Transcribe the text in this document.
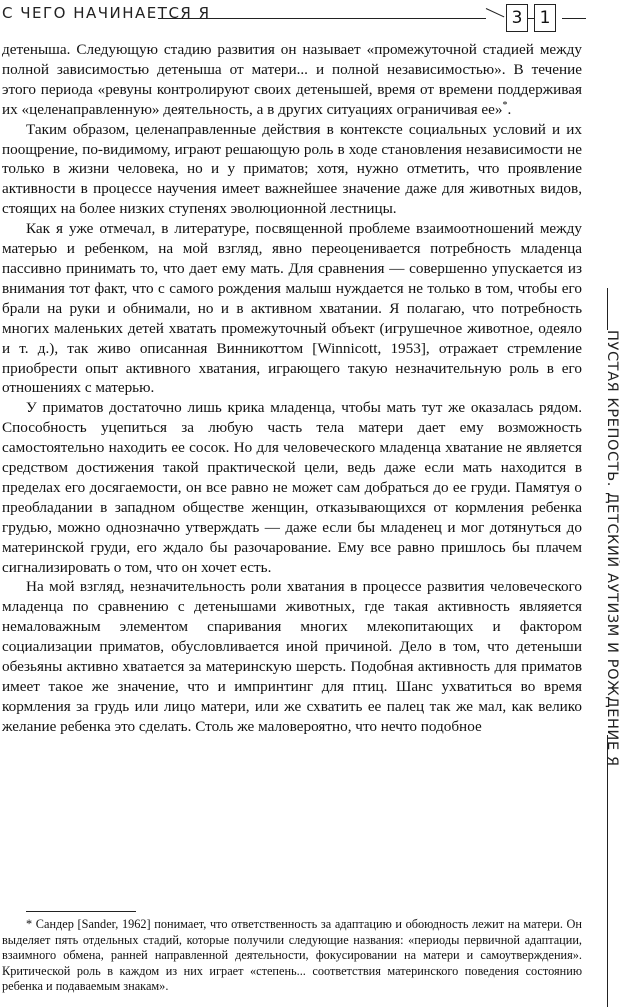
С ЧЕГО НАЧИНАЕТСЯ Я	3	1

детеныша. Следующую стадию развития он называет «промежуточной стадией между полной зависимостью детеныша от матери... и полной независимостью». В течение этого периода «ревуны контролируют своих детенышей, время от времени поддерживая их «целенаправленную» деятельность, а в других ситуациях ограничивая ее»*.

Таким образом, целенаправленные действия в контексте социальных условий и их поощрение, по-видимому, играют решающую роль в ходе становления независимости не только в жизни человека, но и у приматов; хотя, нужно отметить, что проявление активности в процессе научения имеет важнейшее значение даже для животных видов, стоящих на более низких ступенях эволюционной лестницы.

Как я уже отмечал, в литературе, посвященной проблеме взаимоотношений между матерью и ребенком, на мой взгляд, явно переоценивается потребность младенца пассивно принимать то, что дает ему мать. Для сравнения — совершенно упускается из внимания тот факт, что с самого рождения малыш нуждается не только в том, чтобы его брали на руки и обнимали, но и в активном хватании. Я полагаю, что потребность многих маленьких детей хватать промежуточный объект (игрушечное животное, одеяло и т. д.), так живо описанная Винникоттом [Winnicott, 1953], отражает стремление приобрести опыт активного хватания, играющего такую незначительную роль в его отношениях с матерью.

У приматов достаточно лишь крика младенца, чтобы мать тут же оказалась рядом. Способность уцепиться за любую часть тела матери дает ему возможность самостоятельно находить ее сосок. Но для человеческого младенца хватание не является средством достижения такой практической цели, ведь даже если мать находится в пределах его досягаемости, он все равно не может сам добраться до ее груди. Памятуя о преобладании в западном обществе женщин, отказывающихся от кормления ребенка грудью, можно однозначно утверждать — даже если бы младенец и мог дотянуться до материнской груди, его ждало бы разочарование. Ему все равно пришлось бы плачем сигнализировать о том, что он хочет есть.

На мой взгляд, незначительность роли хватания в процессе развития человеческого младенца по сравнению с детенышами животных, где такая активность являяется немаловажным элементом спаривания многих млекопитающих и фактором социализации приматов, обусловливается иной причиной. Дело в том, что детеныши обезьяны активно хватается за материнскую шерсть. Подобная активность для приматов имеет такое же значение, что и импринтинг для птиц. Шанс ухватиться во время кормления за грудь или лицо матери, или же схватить ее палец так же мал, как велико желание ребенка это сделать. Столь же маловероятно, что нечто подобное

* Сандер [Sander, 1962] понимает, что ответственность за адаптацию и обоюдность лежит на матери. Он выделяет пять отдельных стадий, которые получили следующие названия: «периоды первичной адаптации, взаимного обмена, ранней направленной деятельности, фокусировании на матери и самоутверждения». Критической роль в каждом из них играет «степень... соответствия материнского поведения состоянию ребенка и подаваемым знакам».

ПУСТАЯ КРЕПОСТЬ. ДЕТСКИЙ АУТИЗМ И РОЖДЕНИЕ Я
